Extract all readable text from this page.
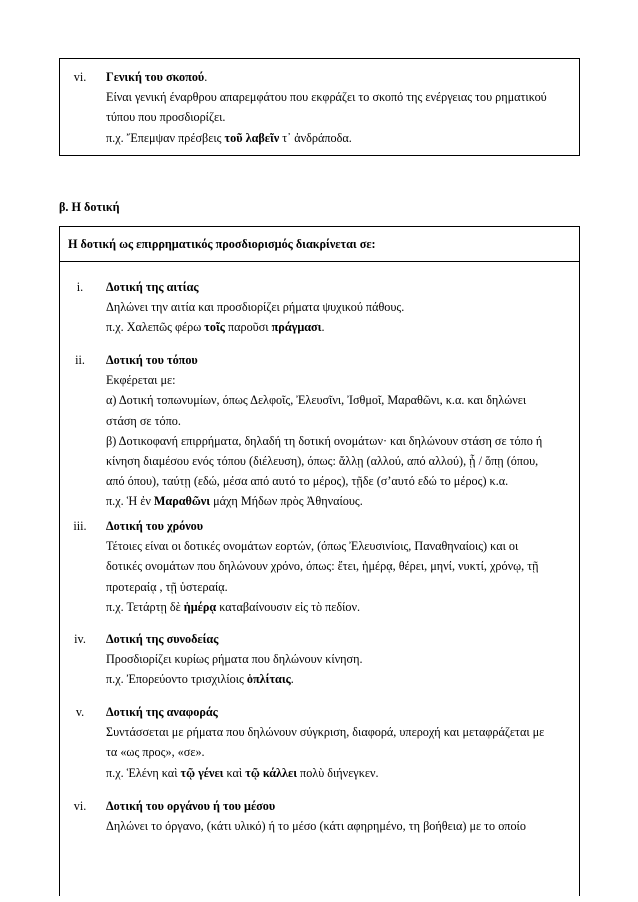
vi.	Γενική του σκοπού.
Είναι γενική έναρθρου απαρεμφάτου που εκφράζει το σκοπό της ενέργειας του ρηματικού
τύπου που προσδιορίζει.
π.χ. Ἔπεμψαν πρέσβεις τοῦ λαβεῖν τ᾽ ἀνδράποδα.
β. Η δοτική
Η δοτική ως επιρρηματικός προσδιορισμός διακρίνεται σε:
i.	Δοτική της αιτίας
Δηλώνει την αιτία και προσδιορίζει ρήματα ψυχικού πάθους.
π.χ. Χαλεπῶς φέρω τοῖς παροῦσι πράγμασι.
ii.	Δοτική του τόπου
Εκφέρεται με:
α) Δοτική τοπωνυμίων, όπως Δελφοῖς, Ἐλευσῖνι, Ἰσθμοῖ, Μαραθῶνι, κ.α. και δηλώνει
στάση σε τόπο.
β) Δοτικοφανή επιρρήματα, δηλαδή τη δοτική ονομάτων· και δηλώνουν στάση σε τόπο ή
κίνηση διαμέσου ενός τόπου (διέλευση), όπως: ἄλλῃ (αλλού, από αλλού), ᾗ / ὅπῃ (όπου,
από όπου), ταύτῃ (εδώ, μέσα από αυτό το μέρος), τῇδε (σ’αυτό εδώ το μέρος) κ.α.
π.χ. Ἡ ἐν Μαραθῶνι μάχη Μήδων πρὸς Ἀθηναίους.
iii.	Δοτική του χρόνου
Τέτοιες είναι οι δοτικές ονομάτων εορτών, (όπως Ἐλευσινίοις, Παναθηναίοις) και οι
δοτικές ονομάτων που δηλώνουν χρόνο, όπως: ἔτει, ἡμέρᾳ, θέρει, μηνί, νυκτί, χρόνῳ, τῇ
προτεραίᾳ , τῇ ὑστεραίᾳ.
π.χ. Τετάρτῃ δὲ ἡμέρᾳ καταβαίνουσιν εἰς τὸ πεδίον.
iv.	Δοτική της συνοδείας
Προσδιορίζει κυρίως ρήματα που δηλώνουν κίνηση.
π.χ. Ἐπορεύοντο τρισχιλίοις ὁπλίταις.
v.	Δοτική της αναφοράς
Συντάσσεται με ρήματα που δηλώνουν σύγκριση, διαφορά, υπεροχή και μεταφράζεται με
τα «ως προς», «σε».
π.χ. Ἑλένη καὶ τῷ γένει καὶ τῷ κάλλει πολὺ διήνεγκεν.
vi.	Δοτική του οργάνου ή του μέσου
Δηλώνει το όργανο, (κάτι υλικό) ή το μέσο (κάτι αφηρημένο, τη βοήθεια) με το οποίο
